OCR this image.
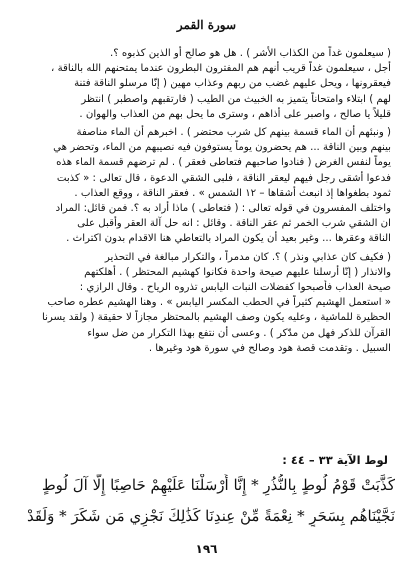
سورة القمر
( سيعلمون غداً من الكذاب الأشر ) . هل هو صالح أو الذين كذبوه ؟.
أجل ، سيعلمون غداً قريب أنهم هم المفترون البطرون عندما يمتحنهم الله بالناقة ،
فيعقرونها ، ويحل عليهم غضب من ربهم وعذاب مهين ( إنّا مرسلو الناقة فتنة
لهم ) ابتلاء وامتحاناً يتميز به الخبيث من الطيب ( فارتقبهم واصطبر ) انتظر
قليلاً يا صالح ، واصبر على أذاهم ، وسترى ما يحل بهم من العذاب والهوان .
( ونبئهم أن الماء قسمة بينهم كل شرب محتضر ) . اخبرهم أن الماء مناصفة
بينهم وبين الناقة ... هم يحضرون يوماً يستوفون فيه نصيبهم من الماء، وتحضر هي
يوماً لنفس الغرض ( فنادوا صاحبهم فتعاطى فعقر ) . لم ترضهم قسمة الماء هذه
فدعوا أشقى رجل فيهم ليعقر الناقة ، فلبى الشقي الدعوة ، قال تعالى : « كذبت
ثمود بطغواها إذ انبعث أشقاها – ١٢ الشمس » . فعقر الناقة ، ووقع العذاب .
واختلف المفسرون في قوله تعالى : ( فتعاطى ) ماذا أراد به ؟. فمن قائل: المراد
ان الشقي شرب الخمر ثم عقر الناقة . وقائل : انه حل آلة العقر وأقبل على
الناقة وعقرها ... وغير بعيد أن يكون المراد بالتعاطي هنا الاقدام بدون اكتراث .
( فكيف كان عذابي ونذر ) ؟. كان مدمراً ، والتكرار مبالغة في التحذير
والانذار ( إنّا أرسلنا عليهم صيحة واحدة فكانوا كهشيم المحتظر ) . أهلكتهم
صيحة العذاب فأصبحوا كفضلات النبات اليابس تذروه الرياح . وقال الرازي :
« استعمل الهشيم كثيراً في الحطب المكسر اليابس » . وهنا الهشيم عطره صاحب
الحظيرة للماشية ، وعليه يكون وصف الهشيم بالمحتظر مجازاً لا حقيقة ( ولقد يسرنا
القرآن للذكر فهل من مدّكر ) . وعسى أن نتفع بهذا التكرار من ضل سواء
السبيل . وتقدمت قصة هود وصالح في سورة هود وغيرها .
لوط الآية ٣٣ – ٤٤ :
كَذَّبَتْ قَوْمُ لُوطٍ بِالنُّذُرِ * إِنَّا أَرْسَلْنَا عَلَيْهِمْ حَاصِبًا إِلَّا آلَ لُوطٍ
نَجَّيْنَاهُم بِسَحَرٍ * نِعْمَةً مِّنْ عِندِنَا كَذَٰلِكَ نَجْزِي مَن شَكَرَ * وَلَقَدْ
١٩٦
